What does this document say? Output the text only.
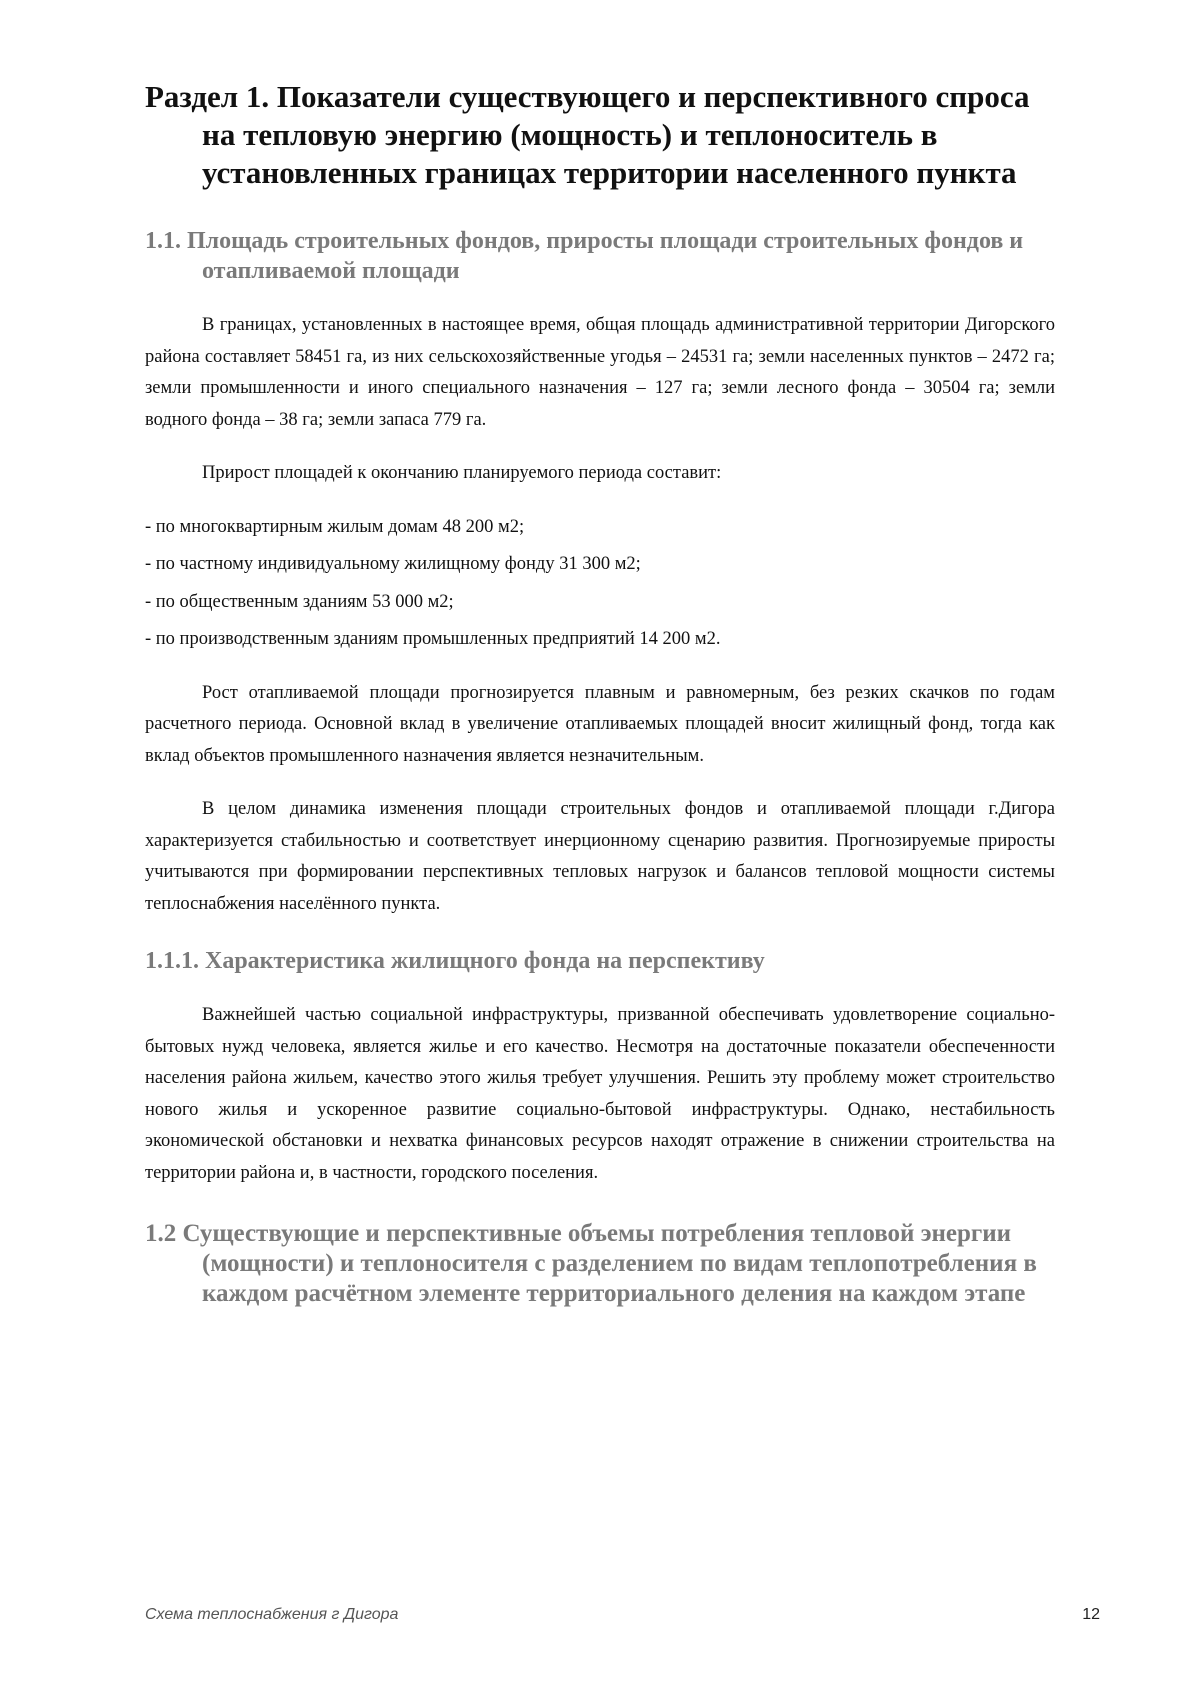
Раздел 1. Показатели существующего и перспективного спроса на тепловую энергию (мощность) и теплоноситель в установленных границах территории населенного пункта
1.1. Площадь строительных фондов, приросты площади строительных фондов и отапливаемой площади

В границах, установленных в настоящее время, общая площадь административной территории Дигорского района составляет 58451 га, из них сельскохозяйственные угодья – 24531 га; земли населенных пунктов – 2472 га; земли промышленности и иного специального назначения – 127 га; земли лесного фонда – 30504 га; земли водного фонда – 38 га; земли запаса 779 га.

Прирост площадей к окончанию планируемого периода составит:

- по многоквартирным жилым домам 48 200 м2;

- по частному индивидуальному жилищному фонду 31 300 м2;

- по общественным зданиям 53 000 м2;

- по производственным зданиям промышленных предприятий 14 200 м2.

Рост отапливаемой площади прогнозируется плавным и равномерным, без резких скачков по годам расчетного периода. Основной вклад в увеличение отапливаемых площадей вносит жилищный фонд, тогда как вклад объектов промышленного назначения является незначительным.

В целом динамика изменения площади строительных фондов и отапливаемой площади г.Дигора характеризуется стабильностью и соответствует инерционному сценарию развития. Прогнозируемые приросты учитываются при формировании перспективных тепловых нагрузок и балансов тепловой мощности системы теплоснабжения населённого пункта.

1.1.1. Характеристика жилищного фонда на перспективу

Важнейшей частью социальной инфраструктуры, призванной обеспечивать удовлетворение социально-бытовых нужд человека, является жилье и его качество. Несмотря на достаточные показатели обеспеченности населения района жильем, качество этого жилья требует улучшения. Решить эту проблему может строительство нового жилья и ускоренное развитие социально-бытовой инфраструктуры. Однако, нестабильность экономической обстановки и нехватка финансовых ресурсов находят отражение в снижении строительства на территории района и, в частности, городского поселения.

1.2 Существующие и перспективные объемы потребления тепловой энергии (мощности) и теплоносителя с разделением по видам теплопотребления в каждом расчётном элементе территориального деления на каждом этапе
Схема теплоснабжения г Дигора	12
